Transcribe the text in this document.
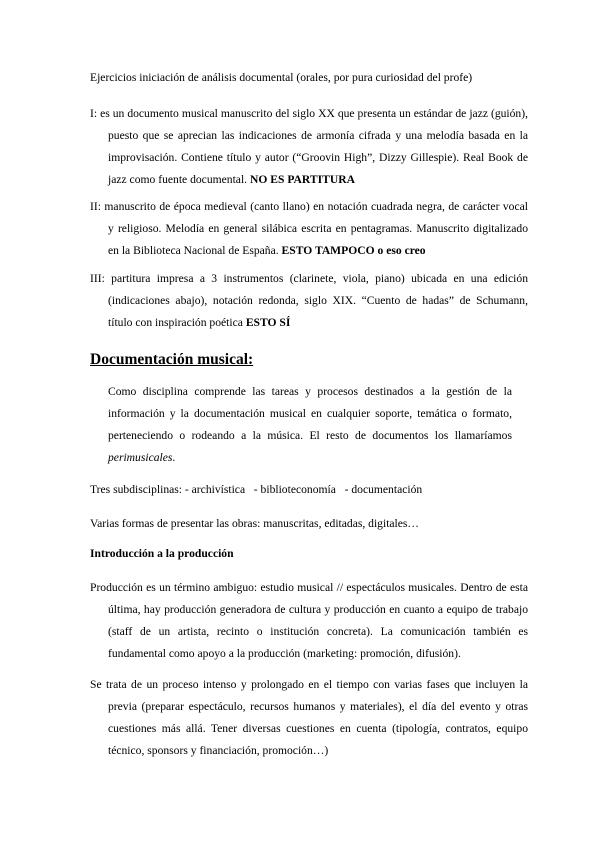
Ejercicios iniciación de análisis documental (orales, por pura curiosidad del profe)
I: es un documento musical manuscrito del siglo XX que presenta un estándar de jazz (guión), puesto que se aprecian las indicaciones de armonía cifrada y una melodía basada en la improvisación. Contiene título y autor (“Groovin High”, Dizzy Gillespie). Real Book de jazz como fuente documental. NO ES PARTITURA
II: manuscrito de época medieval (canto llano) en notación cuadrada negra, de carácter vocal y religioso. Melodía en general silábica escrita en pentagramas. Manuscrito digitalizado en la Biblioteca Nacional de España. ESTO TAMPOCO o eso creo
III: partitura impresa a 3 instrumentos (clarinete, viola, piano) ubicada en una edición (indicaciones abajo), notación redonda, siglo XIX. “Cuento de hadas” de Schumann, título con inspiración poética ESTO SÍ
Documentación musical:
Como disciplina comprende las tareas y procesos destinados a la gestión de la información y la documentación musical en cualquier soporte, temática o formato, perteneciendo o rodeando a la música. El resto de documentos los llamaríamos perimusicales.
Tres subdisciplinas: - archivística   - biblioteconomía   - documentación
Varias formas de presentar las obras: manuscritas, editadas, digitales…
Introducción a la producción
Producción es un término ambiguo: estudio musical // espectáculos musicales. Dentro de esta última, hay producción generadora de cultura y producción en cuanto a equipo de trabajo (staff de un artista, recinto o institución concreta). La comunicación también es fundamental como apoyo a la producción (marketing: promoción, difusión).
Se trata de un proceso intenso y prolongado en el tiempo con varias fases que incluyen la previa (preparar espectáculo, recursos humanos y materiales), el día del evento y otras cuestiones más allá. Tener diversas cuestiones en cuenta (tipología, contratos, equipo técnico, sponsors y financiación, promoción…)
